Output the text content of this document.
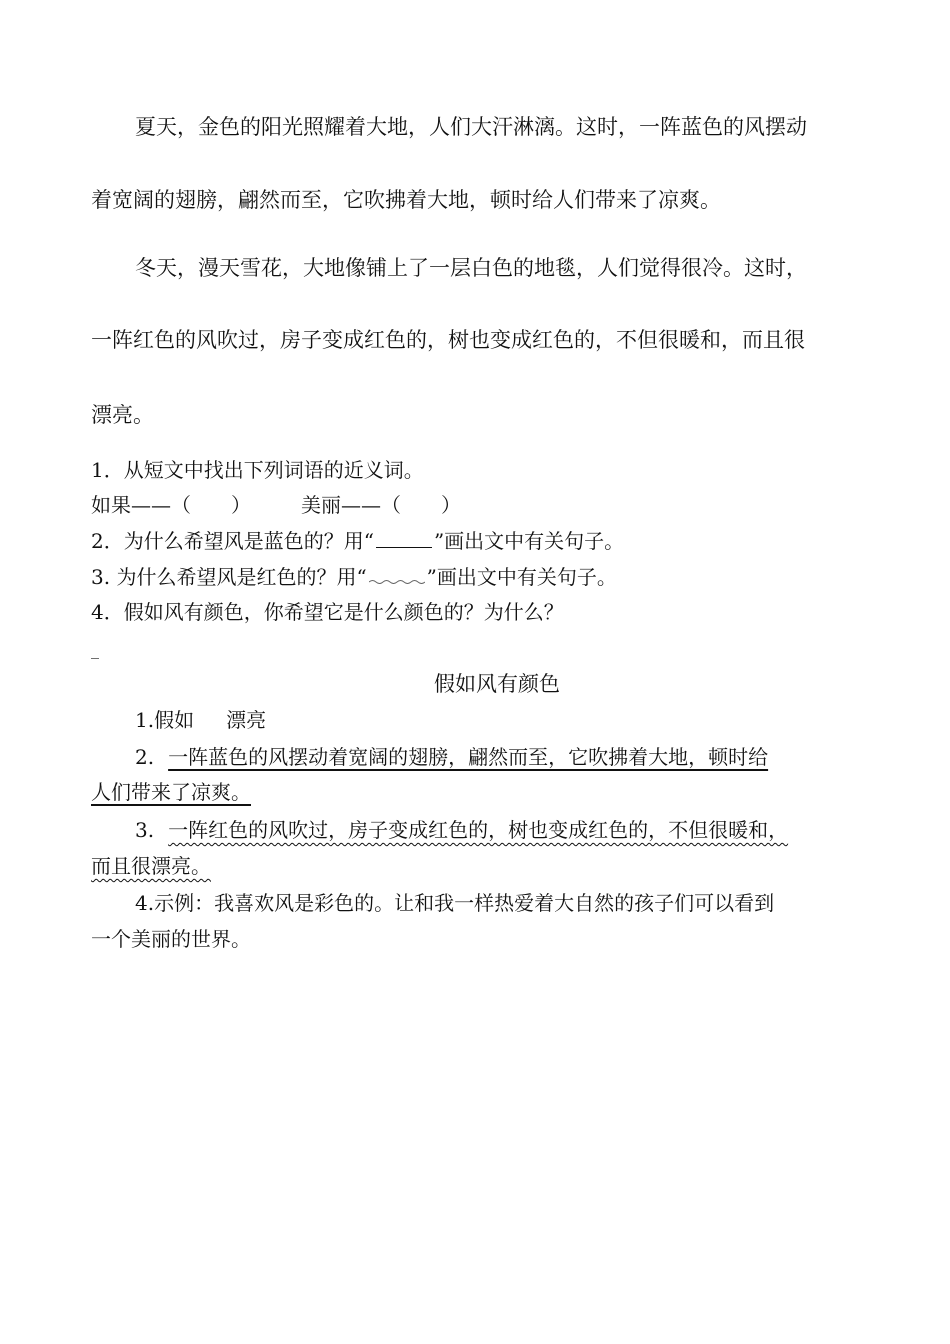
夏天，金色的阳光照耀着大地，人们大汗淋漓。这时，一阵蓝色的风摆动
着宽阔的翅膀，翩然而至，它吹拂着大地，顿时给人们带来了凉爽。
冬天，漫天雪花，大地像铺上了一层白色的地毯，人们觉得很冷。这时，
一阵红色的风吹过，房子变成红色的，树也变成红色的，不但很暖和，而且很
漂亮。
1．从短文中找出下列词语的近义词。
如果——（　　）	美丽——（　　）
2．为什么希望风是蓝色的？用“	”画出文中有关句子。
3. 为什么希望风是红色的？用“	”画出文中有关句子。
4．假如风有颜色，你希望它是什么颜色的？为什么？
_
假如风有颜色
1.假如 漂亮
2. 一阵蓝色的风摆动着宽阔的翅膀，翩然而至，它吹拂着大地，顿时给
人们带来了凉爽。
3. 一阵红色的风吹过，房子变成红色的，树也变成红色的，不但很暖和，
而且很漂亮。
4.示例：我喜欢风是彩色的。让和我一样热爱着大自然的孩子们可以看到
一个美丽的世界。
